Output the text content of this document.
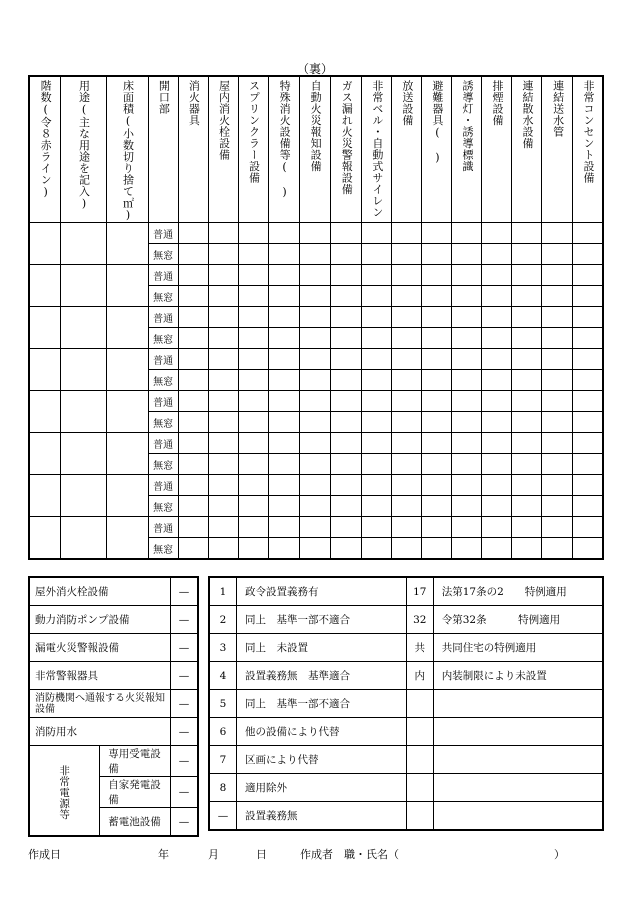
（裏）
階数(令８赤ライン)	用途(主な用途を記入)	床面積(小数切り捨て㎡)	開口部	消火器具	屋内消火栓設備	スプリンクラー設備	特殊消火設備等(　)	自動火災報知設備	ガス漏れ火災警報設備	非常ベル・自動式サイレン	放送設備	避難器具(　)	誘導灯・誘導標識	排煙設備	連結散水設備	連結送水管	非常コンセント設備

			普通														
			無窓														
			普通														
			無窓														
			普通														
			無窓														
			普通														
			無窓														
			普通														
			無窓														
			普通														
			無窓														
			普通														
			無窓														
			普通														
			無窓														
屋外消火栓設備		—
動力消防ポンプ設備		—
漏電火災警報設備		—
非常警報器具		—
消防機関へ通報する火災報知設備		—
消防用水		—

非常電源等	専用受電設備	—
	自家発電設備	—
	蓄電池設備	—
1	政令設置義務有	17	法第17条の2　　特例適用
2	同上　基準一部不適合	32	令第32条　　　特例適用
3	同上　未設置	共	共同住宅の特例適用
4	設置義務無　基準適合	内	内装制限により未設置
5	同上　基準一部不適合		
6	他の設備により代替		
7	区画により代替		
8	適用除外		
—	設置義務無		
作成日	年	月	日	作成者　職・氏名（	）
